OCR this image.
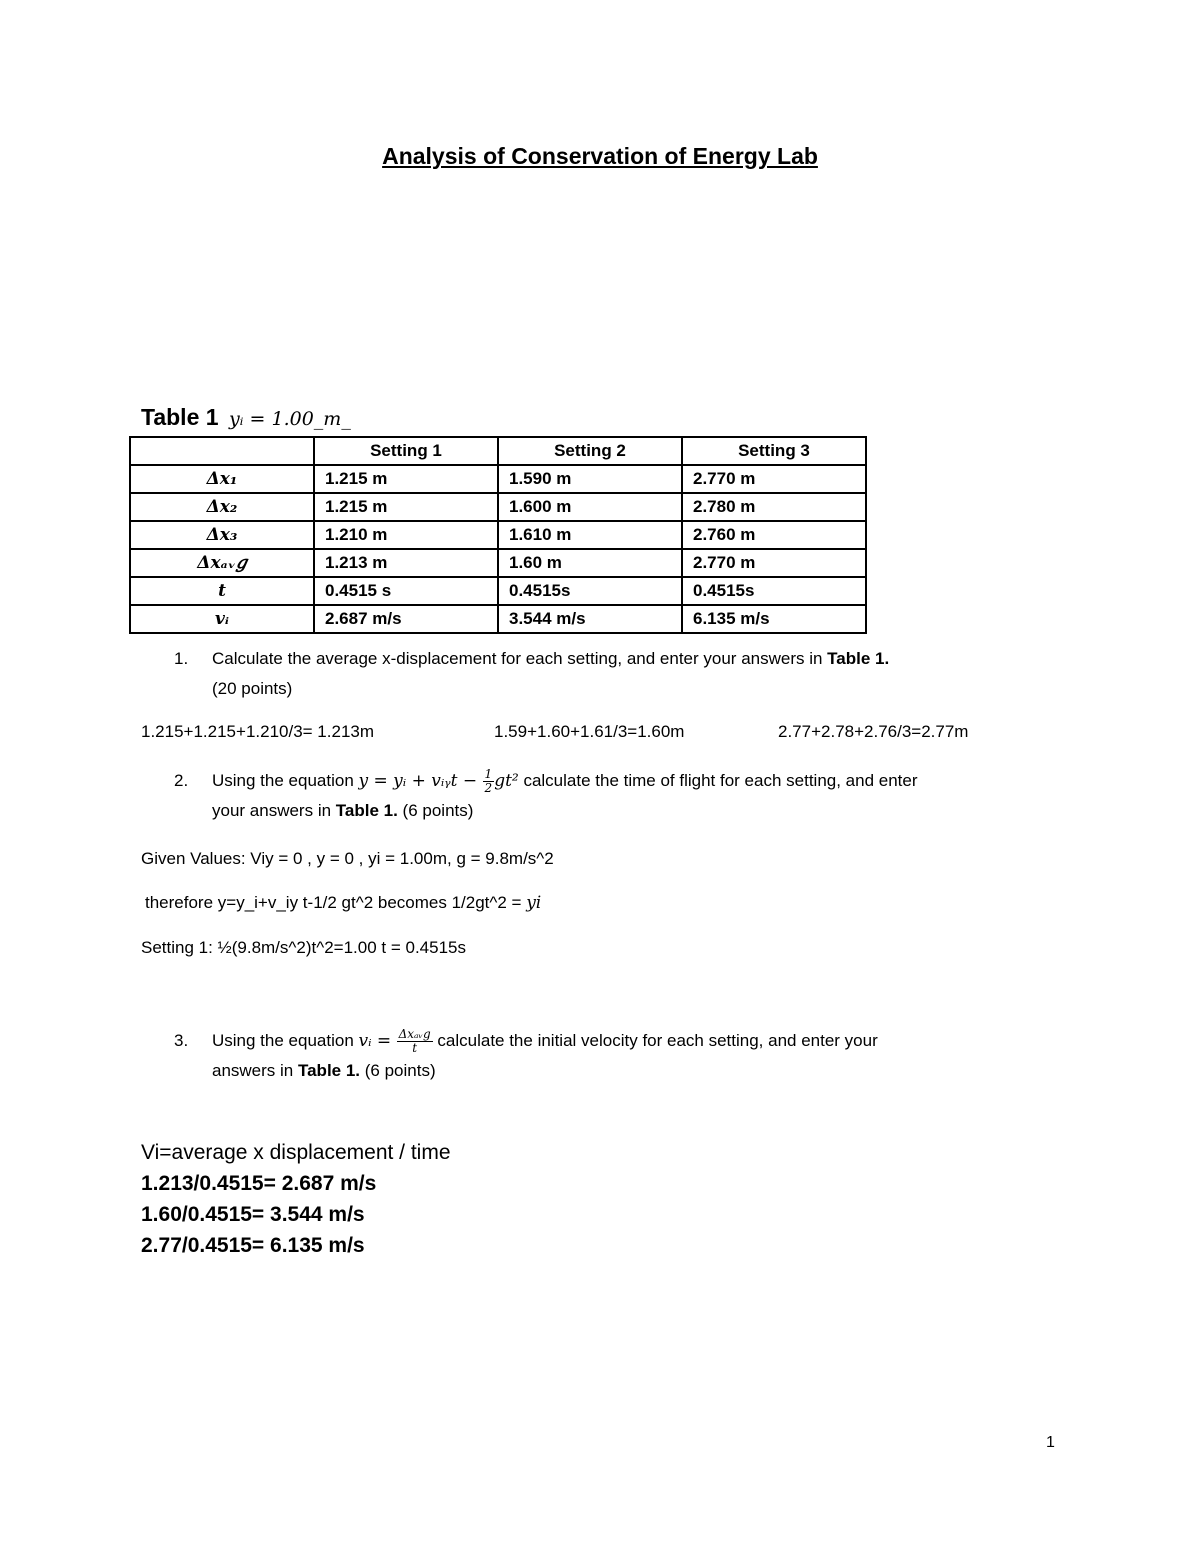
Analysis of Conservation of Energy Lab
Table 1 yᵢ = 1.00_m_
	Setting 1	Setting 2	Setting 3
Δx₁	1.215 m	1.590 m	2.770 m
Δx₂	1.215 m	1.600 m	2.780 m
Δx₃	1.210 m	1.610 m	2.760 m
Δxₐᵥ𝑔	1.213 m	1.60 m	2.770 m
t	0.4515 s	0.4515s	0.4515s
vᵢ	2.687 m/s	3.544 m/s	6.135 m/s
1. Calculate the average x-displacement for each setting, and enter your answers in Table 1.
(20 points)
1.215+1.215+1.210/3= 1.213m	1.59+1.60+1.61/3=1.60m	2.77+2.78+2.76/3=2.77m
2. Using the equation y = yᵢ + vᵢᵧt − $\frac{1}{2} gt^2$ calculate the time of flight for each setting, and enter
your answers in Table 1. (6 points)
Given Values: Viy = 0 , y = 0 , yi = 1.00m, g = 9.8m/s^2
therefore y=y_i+v_iy t-1/2 gt^2 becomes 1/2gt^2 = yi
Setting 1: ½(9.8m/s^2)t^2=1.00 t = 0.4515s
3. Using the equation vᵢ = $\frac{\text{Δxₐᵥ𝑔}}{t}$ calculate the initial velocity for each setting, and enter your
answers in Table 1. (6 points)
Vi=average x displacement / time
1.213/0.4515= 2.687 m/s
1.60/0.4515= 3.544 m/s
2.77/0.4515= 6.135 m/s
1
